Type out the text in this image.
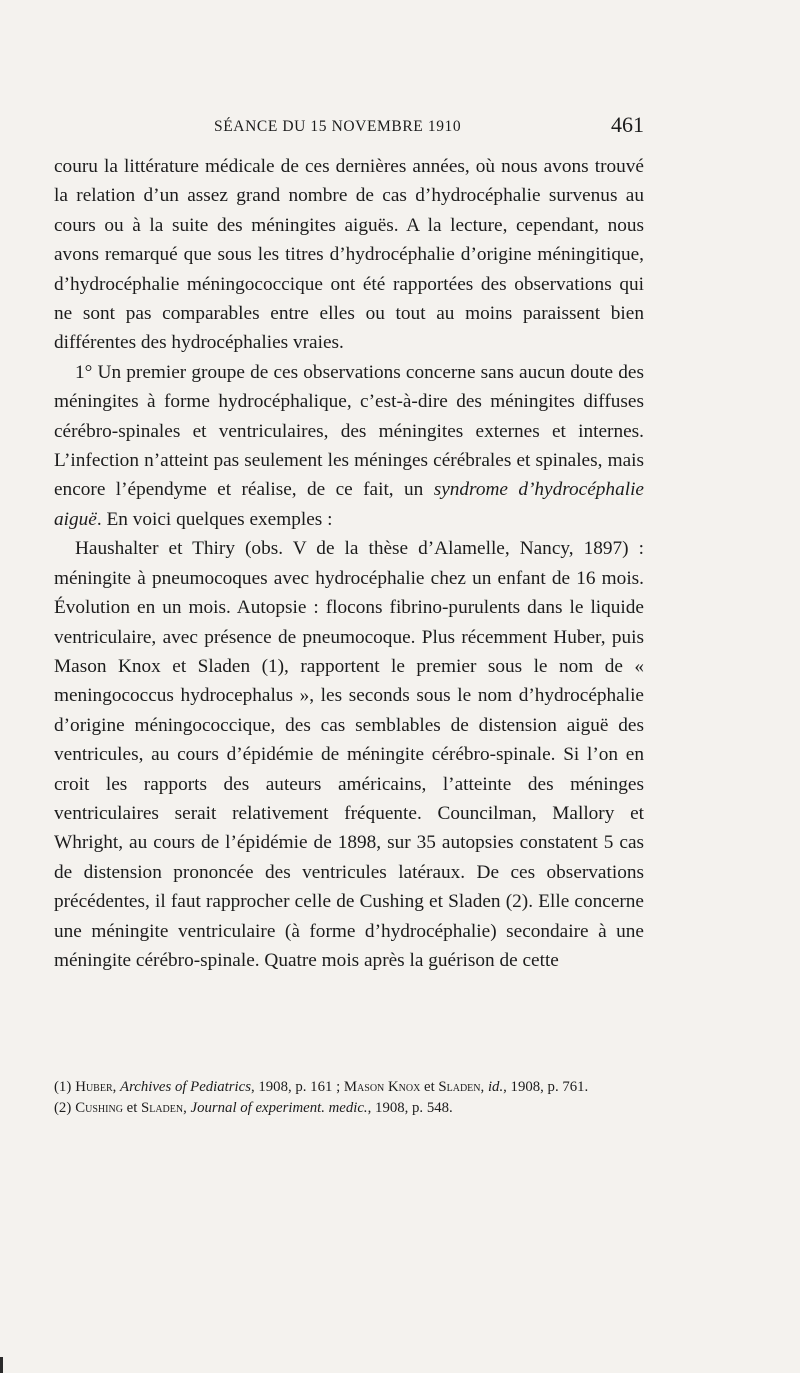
SÉANCE DU 15 NOVEMBRE 1910	461

couru la littérature médicale de ces dernières années, où nous avons trouvé la relation d’un assez grand nombre de cas d’hydrocéphalie survenus au cours ou à la suite des méningites aiguës. A la lecture, cependant, nous avons remarqué que sous les titres d’hydrocéphalie d’origine méningitique, d’hydrocéphalie méningococcique ont été rapportées des observations qui ne sont pas comparables entre elles ou tout au moins paraissent bien différentes des hydrocéphalies vraies.

1° Un premier groupe de ces observations concerne sans aucun doute des méningites à forme hydrocéphalique, c’est-à-dire des méningites diffuses cérébro-spinales et ventriculaires, des méningites externes et internes. L’infection n’atteint pas seulement les méninges cérébrales et spinales, mais encore l’épendyme et réalise, de ce fait, un syndrome d’hydrocéphalie aiguë. En voici quelques exemples :

Haushalter et Thiry (obs. V de la thèse d’Alamelle, Nancy, 1897) : méningite à pneumocoques avec hydrocéphalie chez un enfant de 16 mois. Évolution en un mois. Autopsie : flocons fibrino-purulents dans le liquide ventriculaire, avec présence de pneumocoque. Plus récemment Huber, puis Mason Knox et Sladen (1), rapportent le premier sous le nom de « meningococcus hydrocephalus », les seconds sous le nom d’hydrocéphalie d’origine méningococcique, des cas semblables de distension aiguë des ventricules, au cours d’épidémie de méningite cérébro-spinale. Si l’on en croit les rapports des auteurs américains, l’atteinte des méninges ventriculaires serait relativement fréquente. Councilman, Mallory et Whright, au cours de l’épidémie de 1898, sur 35 autopsies constatent 5 cas de distension prononcée des ventricules latéraux. De ces observations précédentes, il faut rapprocher celle de Cushing et Sladen (2). Elle concerne une méningite ventriculaire (à forme d’hydrocéphalie) secondaire à une méningite cérébro-spinale. Quatre mois après la guérison de cette

(1) Huber, Archives of Pediatrics, 1908, p. 161 ; Mason Knox et Sladen, id., 1908, p. 761.

(2) Cushing et Sladen, Journal of experiment. medic., 1908, p. 548.
